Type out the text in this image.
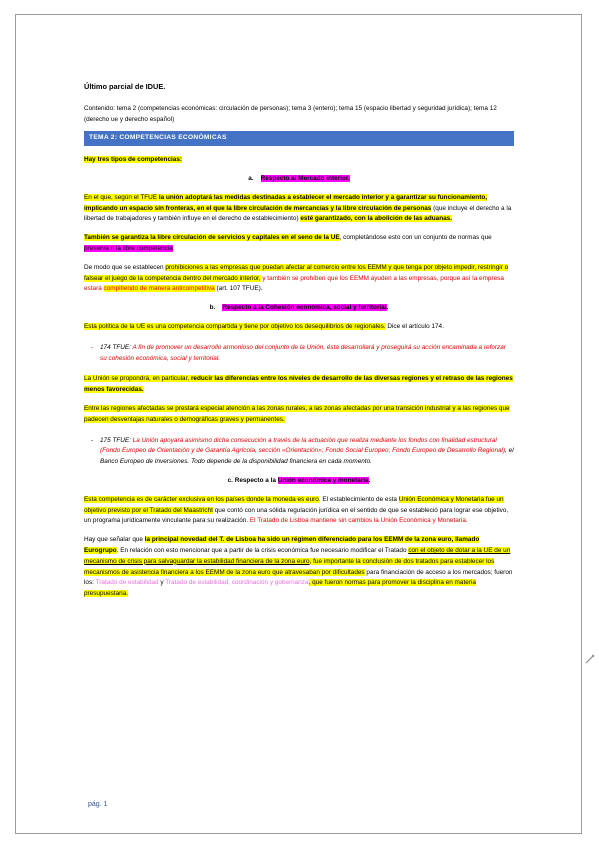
Último parcial de IDUE.

Contenido: tema 2 (competencias económicas: circulación de personas); tema 3 (entero); tema 15 (espacio libertad y seguridad jurídica); tema 12 (derecho ue y derecho español)

TEMA 2: COMPETENCIAS ECONÓMICAS

Hay tres tipos de competencias:

a. Respecto al Mercado interior.

En el que, según el TFUE la unión adoptará las medidas destinadas a establecer el mercado interior y a garantizar su funcionamiento, implicando un espacio sin fronteras, en el que la libre circulación de mercancías y la libre circulación de personas (que incluye el derecho a la libertad de trabajadores y también influye en el derecho de establecimiento) esté garantizado, con la abolición de las aduanas.

También se garantiza la libre circulación de servicios y capitales en el seno de la UE, completándose esto con un conjunto de normas que preserva n la libre competencia.

De modo que se establecen prohibiciones a las empresas que puedan afectar al comercio entre los EEMM y que tenga por objeto impedir, restringir o falsear el juego de la competencia dentro del mercado interior, y también se prohíben que los EEMM ayuden a las empresas, porque así la empresa estará compitiendo de manera anticompetitiva (art. 107 TFUE).

b. Respecto a la Cohesión económica, social y territorial.

Esta política de la UE es una competencia compartida y tiene por objetivo los desequilibrios de regionales. Dice el artículo 174.

- 174 TFUE: A fin de promover un desarrollo armonioso del conjunto de la Unión, ésta desarrollará y proseguirá su acción encaminada a reforzar su cohesión económica, social y territorial.

La Unión se propondrá, en particular, reducir las diferencias entre los niveles de desarrollo de las diversas regiones y el retraso de las regiones menos favorecidas.

Entre las regiones afectadas se prestará especial atención a las zonas rurales, a las zonas afectadas por una transición industrial y a las regiones que padecen desventajas naturales o demográficas graves y permanentes.

- 175 TFUE: La Unión apoyará asimismo dicha consecución a través de la actuación que realiza mediante los fondos con finalidad estructural (Fondo Europeo de Orientación y de Garantía Agrícola, sección «Orientación»; Fondo Social Europeo; Fondo Europeo de Desarrollo Regional), el Banco Europeo de Inversiones. Todo depende de la disponibilidad financiera en cada momento.

c. Respecto a la Unión económica y monetaria.

Esta competencia es de carácter exclusiva en los países donde la moneda es euro. El establecimiento de esta Unión Económica y Monetaria fue un objetivo previsto por el Tratado del Maastricht que contó con una sólida regulación jurídica en el sentido de que se estableció para lograr ese objetivo, un programa jurídicamente vinculante para su realización. El Tratado de Lisboa mantiene sin cambios la Unión Económica y Monetaria.

Hay que señalar que la principal novedad del T. de Lisboa ha sido un régimen diferenciado para los EEMM de la zona euro, llamado Eurogrupo. En relación con esto mencionar que a partir de la crisis económica fue necesario modificar el Tratado con el objeto de dotar a la UE de un mecanismo de crisis para salvaguardar la estabilidad financiera de la zona euro, fue importante la conclusión de dos tratados para establecer los mecanismos de asistencia financiera a los EEMM de la zona euro que atravesaban por dificultades para financiación de acceso a los mercados; fueron los: Tratado de estabilidad y Tratado de estabilidad, coordinación y gobernanza, que fueron normas para promover la disciplina en materia presupuestaria.

pág. 1
